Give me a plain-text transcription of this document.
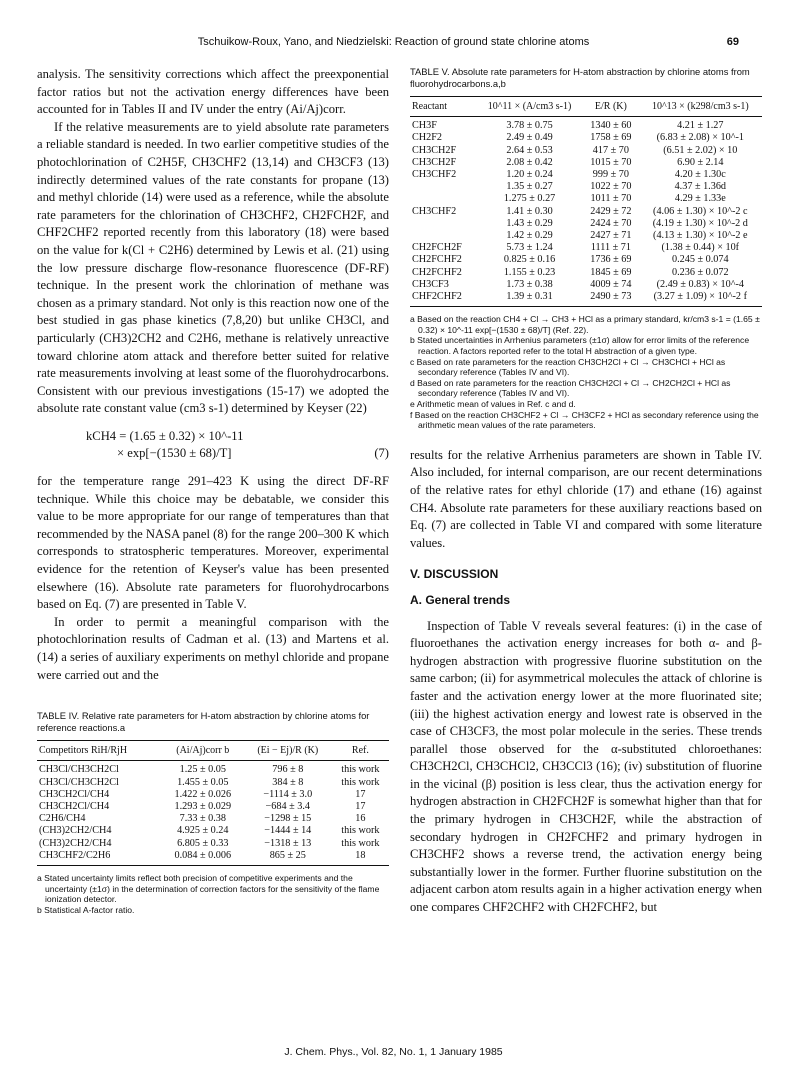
Tschuikow-Roux, Yano, and Niedzielski: Reaction of ground state chlorine atoms	69

analysis. The sensitivity corrections which affect the preexponential factor ratios but not the activation energy differences have been accounted for in Tables II and IV under the entry (Ai/Aj)corr.

If the relative measurements are to yield absolute rate parameters a reliable standard is needed. In two earlier competitive studies of the photochlorination of C2H5F, CH3CHF2 (13,14) and CH3CF3 (13) indirectly determined values of the rate constants for propane (13) and methyl chloride (14) were used as a reference, while the absolute rate parameters for the chlorination of CH3CHF2, CH2FCH2F, and CHF2CHF2 reported recently from this laboratory (18) were based on the value for k(Cl + C2H6) determined by Lewis et al. (21) using the low pressure discharge flow-resonance fluorescence (DF-RF) technique. In the present work the chlorination of methane was chosen as a primary standard. Not only is this reaction now one of the best studied in gas phase kinetics (7,8,20) but unlike CH3Cl, and particularly (CH3)2CH2 and C2H6, methane is relatively unreactive toward chlorine atom attack and therefore better suited for relative rate measurements involving at least some of the fluorohydrocarbons. Consistent with our previous investigations (15-17) we adopted the absolute rate constant value (cm3 s-1) determined by Keyser (22)

kCH4 = (1.65 ± 0.32) × 10^-11
× exp[−(1530 ± 68)/T]	(7)

for the temperature range 291–423 K using the direct DF-RF technique. While this choice may be debatable, we consider this value to be more appropriate for our range of temperatures than that recommended by the NASA panel (8) for the range 200–300 K which corresponds to stratospheric temperatures. Moreover, experimental evidence for the retention of Keyser's value has been presented elsewhere (16). Absolute rate parameters for fluorohydrocarbons based on Eq. (7) are presented in Table V.

In order to permit a meaningful comparison with the photochlorination results of Cadman et al. (13) and Martens et al. (14) a series of auxiliary experiments on methyl chloride and propane were carried out and the

TABLE IV. Relative rate parameters for H-atom abstraction by chlorine atoms for reference reactions.a
Competitors RiH/RjH	(Ai/Aj)corr b	(Ei − Ej)/R (K)	Ref.
CH3Cl/CH3CH2Cl	1.25 ± 0.05	796 ± 8	this work
CH3Cl/CH3CH2Cl	1.455 ± 0.05	384 ± 8	this work
CH3CH2Cl/CH4	1.422 ± 0.026	−1114 ± 3.0	17
CH3CH2Cl/CH4	1.293 ± 0.029	−684 ± 3.4	17
C2H6/CH4	7.33 ± 0.38	−1298 ± 15	16
(CH3)2CH2/CH4	4.925 ± 0.24	−1444 ± 14	this work
(CH3)2CH2/CH4	6.805 ± 0.33	−1318 ± 13	this work
CH3CHF2/C2H6	0.084 ± 0.006	865 ± 25	18
a Stated uncertainty limits reflect both precision of competitive experiments and the uncertainty (±1σ) in the determination of correction factors for the sensitivity of the flame ionization detector.
b Statistical A-factor ratio.
TABLE V. Absolute rate parameters for H-atom abstraction by chlorine atoms from fluorohydrocarbons.a,b
Reactant	10^11 × (A/cm3 s-1)	E/R (K)	10^13 × (k298/cm3 s-1)
CH3F	3.78 ± 0.75	1340 ± 60	4.21 ± 1.27
CH2F2	2.49 ± 0.49	1758 ± 69	(6.83 ± 2.08) × 10^-1
CH3CH2F	2.64 ± 0.53	417 ± 70	(6.51 ± 2.02) × 10
CH3CH2F	2.08 ± 0.42	1015 ± 70	6.90 ± 2.14
CH3CHF2	1.20 ± 0.24	999 ± 70	4.20 ± 1.30c
	1.35 ± 0.27	1022 ± 70	4.37 ± 1.36d
	1.275 ± 0.27	1011 ± 70	4.29 ± 1.33e
CH3CHF2	1.41 ± 0.30	2429 ± 72	(4.06 ± 1.30) × 10^-2 c
	1.43 ± 0.29	2424 ± 70	(4.19 ± 1.30) × 10^-2 d
	1.42 ± 0.29	2427 ± 71	(4.13 ± 1.30) × 10^-2 e
CH2FCH2F	5.73 ± 1.24	1111 ± 71	(1.38 ± 0.44) × 10f
CH2FCHF2	0.825 ± 0.16	1736 ± 69	0.245 ± 0.074
CH2FCHF2	1.155 ± 0.23	1845 ± 69	0.236 ± 0.072
CH3CF3	1.73 ± 0.38	4009 ± 74	(2.49 ± 0.83) × 10^-4
CHF2CHF2	1.39 ± 0.31	2490 ± 73	(3.27 ± 1.09) × 10^-2 f
a Based on the reaction CH4 + Cl → CH3 + HCl as a primary standard, kr/cm3 s-1 = (1.65 ± 0.32) × 10^-11 exp[−(1530 ± 68)/T] (Ref. 22).
b Stated uncertainties in Arrhenius parameters (±1σ) allow for error limits of the reference reaction. A factors reported refer to the total H abstraction of a given type.
c Based on rate parameters for the reaction CH3CH2Cl + Cl → CH3CHCl + HCl as secondary reference (Tables IV and VI).
d Based on rate parameters for the reaction CH3CH2Cl + Cl → CH2CH2Cl + HCl as secondary reference (Tables IV and VI).
e Arithmetic mean of values in Ref. c and d.
f Based on the reaction CH3CHF2 + Cl → CH3CF2 + HCl as secondary reference using the arithmetic mean values of the rate parameters.

results for the relative Arrhenius parameters are shown in Table IV. Also included, for internal comparison, are our recent determinations of the relative rates for ethyl chloride (17) and ethane (16) against CH4. Absolute rate parameters for these auxiliary reactions based on Eq. (7) are collected in Table VI and compared with some literature values.

V. DISCUSSION
A. General trends

Inspection of Table V reveals several features: (i) in the case of fluoroethanes the activation energy increases for both α- and β-hydrogen abstraction with progressive fluorine substitution on the same carbon; (ii) for asymmetrical molecules the attack of chlorine is faster and the activation energy lower at the more fluorinated site; (iii) the highest activation energy and lowest rate is observed in the case of CH3CF3, the most polar molecule in the series. These trends parallel those observed for the α-substituted chloroethanes: CH3CH2Cl, CH3CHCl2, CH3CCl3 (16); (iv) substitution of fluorine in the vicinal (β) position is less clear, thus the activation energy for hydrogen abstraction in CH2FCH2F is somewhat higher than that for the primary hydrogen in CH3CH2F, while the abstraction of secondary hydrogen in CH2FCHF2 and primary hydrogen in CH3CHF2 shows a reverse trend, the activation energy being substantially lower in the former. Further fluorine substitution on the adjacent carbon atom results again in a higher activation energy when one compares CHF2CHF2 with CH2FCHF2, but

J. Chem. Phys., Vol. 82, No. 1, 1 January 1985
